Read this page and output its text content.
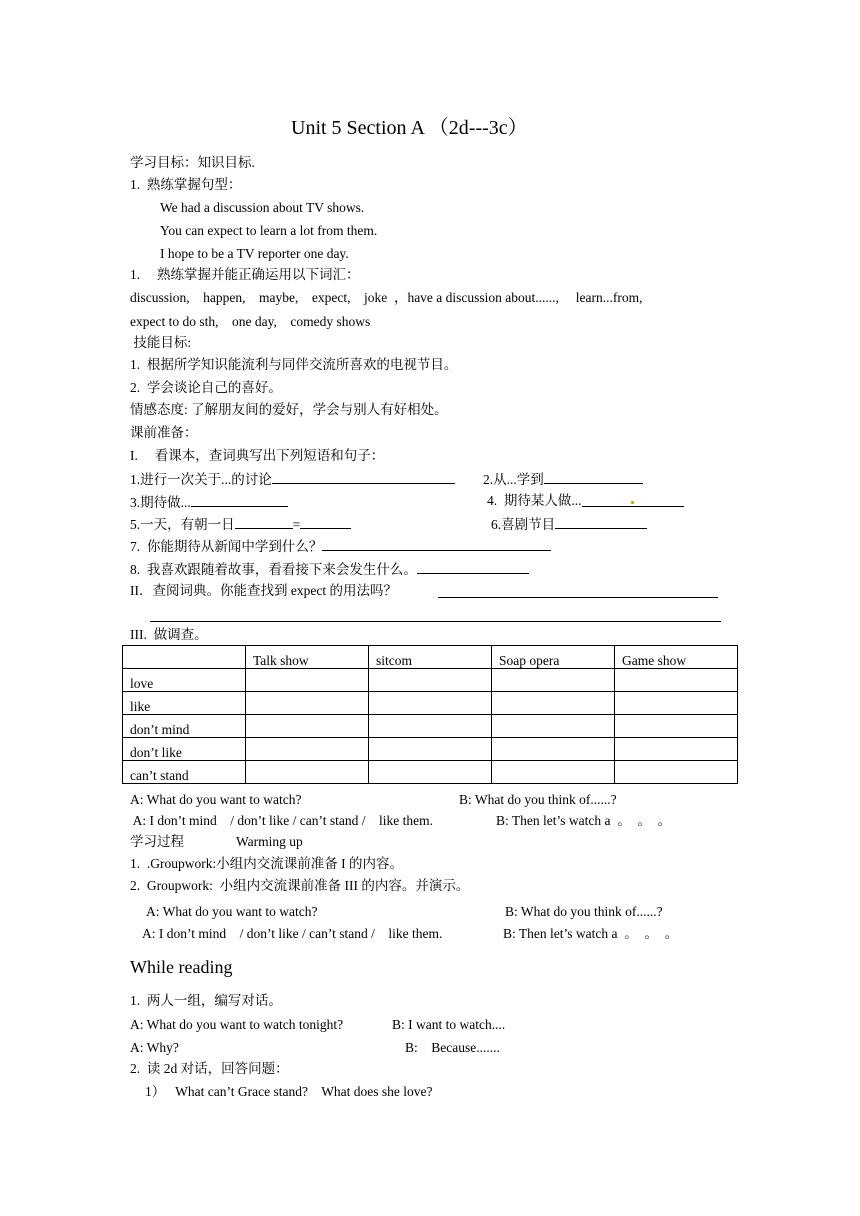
Unit 5 Section A （2d---3c）
学习目标：知识目标.
1.  熟练掌握句型：
We had a discussion about TV shows.
You can expect to learn a lot from them.
I hope to be a TV reporter one day.
1.     熟练掌握并能正确运用以下词汇：
discussion,    happen,    maybe,    expect,    joke  ，have a discussion about......,     learn...from,
expect to do sth,    one day,    comedy shows
技能目标:
1.  根据所学知识能流利与同伴交流所喜欢的电视节目。
2.  学会谈论自己的喜好。
情感态度: 了解朋友间的爱好，学会与别人有好相处。
课前准备：
I.     看课本，查词典写出下列短语和句子：
1.进行一次关于...的讨论	2.从...学到
3.期待做...	4.  期待某人做...
5.一天，有朝一日	=	6.喜剧节目
7.  你能期待从新闻中学到什么？
8.  我喜欢跟随着故事，看看接下来会发生什么。
II．查阅词典。你能查找到 expect 的用法吗？
III.  做调查。
	Talk show	sitcom	Soap opera	Game show
love				
like				
don’t mind				
don’t like				
can’t stand				
A: What do you want to watch?	B: What do you think of......?
A: I don’t mind    / don’t like / can’t stand /    like them.	B: Then let’s watch a  。  。  。
学习过程	Warming up
1.  .Groupwork:小组内交流课前准备 I 的内容。
2.  Groupwork:  小组内交流课前准备 III 的内容。并演示。
A: What do you want to watch?	B: What do you think of......?
A: I don’t mind    / don’t like / can’t stand /    like them.	B: Then let’s watch a  。  。  。
While reading
1.  两人一组，编写对话。
A: What do you want to watch tonight?	B: I want to watch....
A: Why?	B:    Because.......
2.  读 2d 对话，回答问题：
1）   What can’t Grace stand?    What does she love?
